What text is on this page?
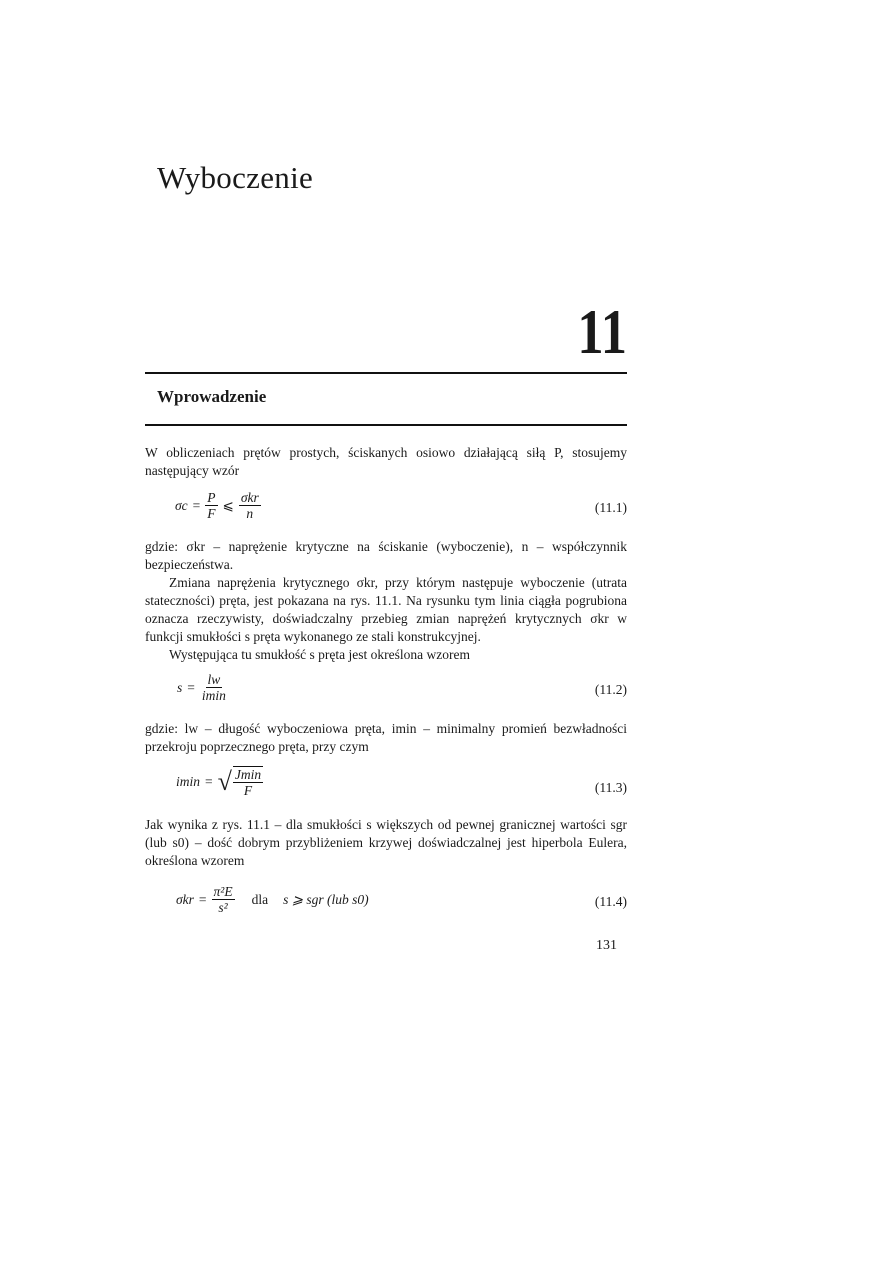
Wyboczenie
11
Wprowadzenie
W obliczeniach prętów prostych, ściskanych osiowo działającą siłą P, stosujemy następujący wzór
$\sigma c = \frac{P}{F}$ ⩽ $\frac{\text{σkr}}{n}$	(11.1)
gdzie: σkr – naprężenie krytyczne na ściskanie (wyboczenie), n – współczynnik bezpieczeństwa.
Zmiana naprężenia krytycznego σkr, przy którym następuje wyboczenie (utrata stateczności) pręta, jest pokazana na rys. 11.1. Na rysunku tym linia ciągła pogrubiona oznacza rzeczywisty, doświadczalny przebieg zmian naprężeń krytycznych σkr w funkcji smukłości s pręta wykonanego ze stali konstrukcyjnej.
Występująca tu smukłość s pręta jest określona wzorem
$s = \frac{lw}{imin}$	(11.2)
gdzie: lw – długość wyboczeniowa pręta, imin – minimalny promień bezwładności przekroju poprzecznego pręta, przy czym
imin = √ $\frac{Jmin}{F}$	(11.3)
Jak wynika z rys. 11.1 – dla smukłości s większych od pewnej granicznej wartości sgr (lub s0) – dość dobrym przybliżeniem krzywej doświadczalnej jest hiperbola Eulera, określona wzorem
$\sigma kr = \frac{\text{π²E}}{\text{s²}}$ dla s ⩾ sgr (lub s0)	(11.4)
131
